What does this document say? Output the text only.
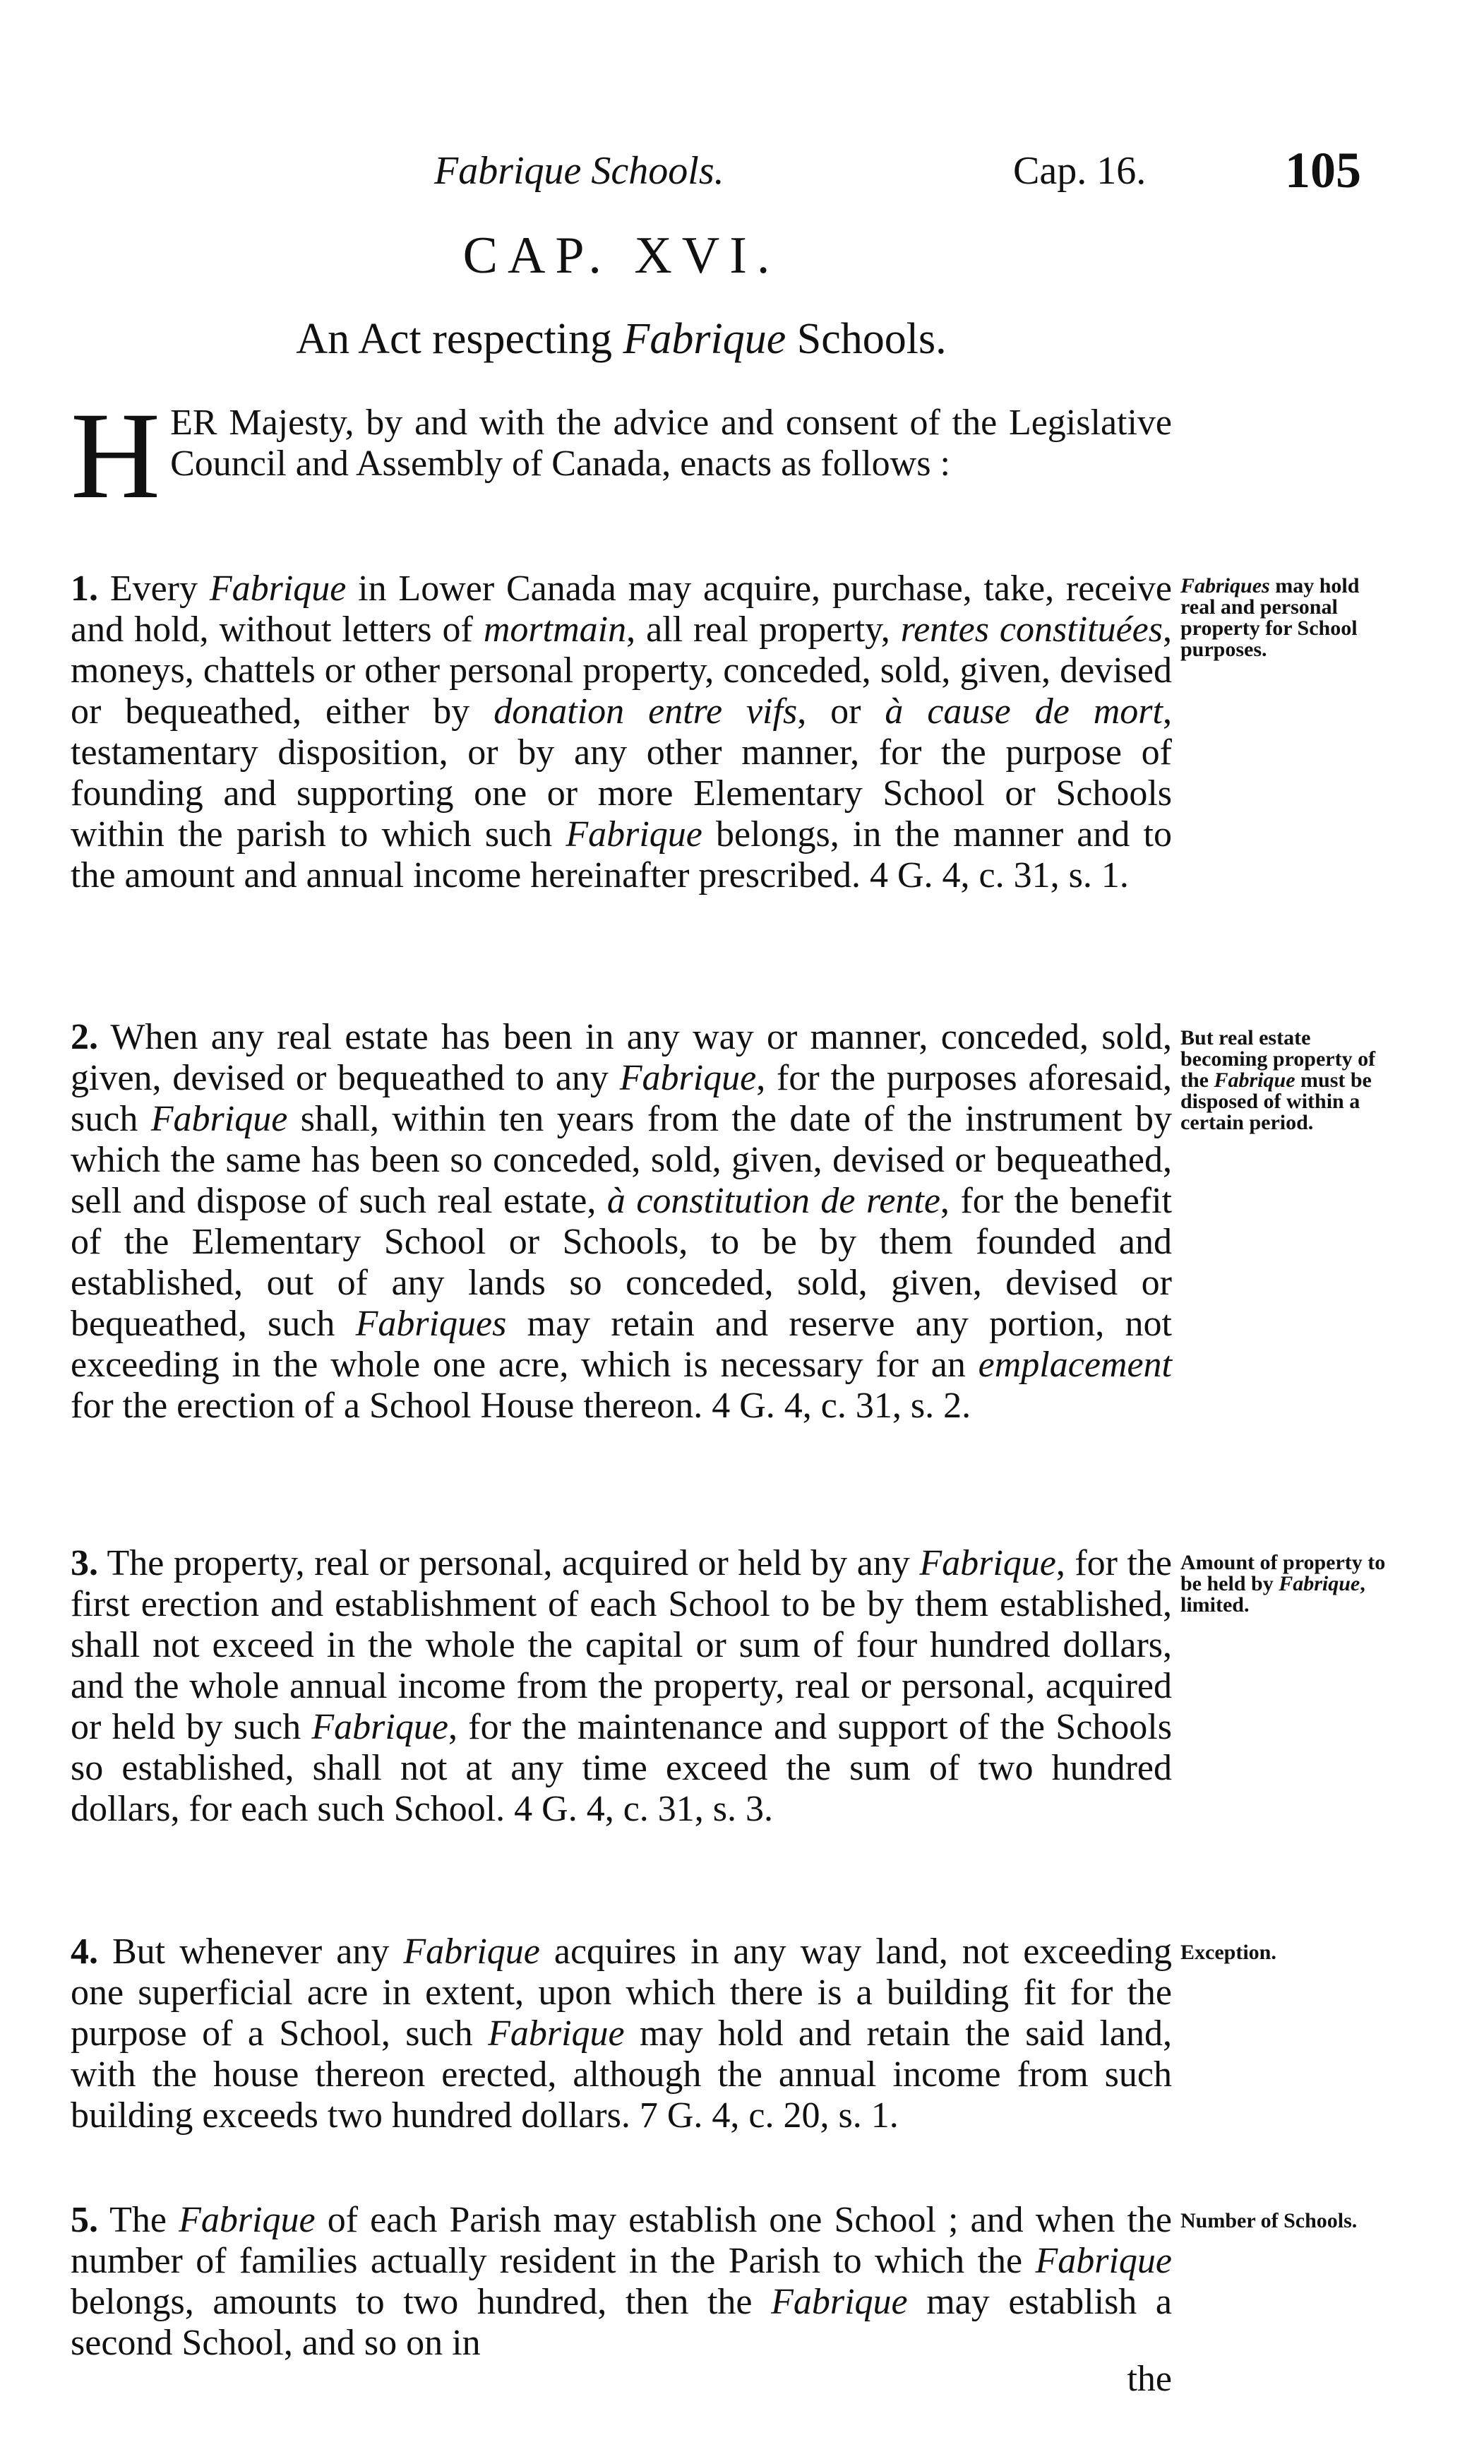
Fabrique Schools.	Cap. 16.	105
CAP. XVI.
An Act respecting Fabrique Schools.
H ER Majesty, by and with the advice and consent of the Legislative Council and Assembly of Canada, enacts as follows :
1. Every Fabrique in Lower Canada may acquire, purchase, take, receive and hold, without letters of mortmain, all real property, rentes constituées, moneys, chattels or other personal property, conceded, sold, given, devised or bequeathed, either by donation entre vifs, or à cause de mort, testamentary disposition, or by any other manner, for the purpose of founding and supporting one or more Elementary School or Schools within the parish to which such Fabrique belongs, in the manner and to the amount and annual income hereinafter prescribed. 4 G. 4, c. 31, s. 1.
Fabriques may hold real and personal property for School purposes.
2. When any real estate has been in any way or manner, conceded, sold, given, devised or bequeathed to any Fabrique, for the purposes aforesaid, such Fabrique shall, within ten years from the date of the instrument by which the same has been so conceded, sold, given, devised or bequeathed, sell and dispose of such real estate, à constitution de rente, for the benefit of the Elementary School or Schools, to be by them founded and established, out of any lands so conceded, sold, given, devised or bequeathed, such Fabriques may retain and reserve any portion, not exceeding in the whole one acre, which is necessary for an emplacement for the erection of a School House thereon. 4 G. 4, c. 31, s. 2.
But real estate becoming property of the Fabrique must be disposed of within a certain period.
3. The property, real or personal, acquired or held by any Fabrique, for the first erection and establishment of each School to be by them established, shall not exceed in the whole the capital or sum of four hundred dollars, and the whole annual income from the property, real or personal, acquired or held by such Fabrique, for the maintenance and support of the Schools so established, shall not at any time exceed the sum of two hundred dollars, for each such School. 4 G. 4, c. 31, s. 3.
Amount of property to be held by Fabrique, limited.
4. But whenever any Fabrique acquires in any way land, not exceeding one superficial acre in extent, upon which there is a building fit for the purpose of a School, such Fabrique may hold and retain the said land, with the house thereon erected, although the annual income from such building exceeds two hundred dollars. 7 G. 4, c. 20, s. 1.
Exception.
5. The Fabrique of each Parish may establish one School ; and when the number of families actually resident in the Parish to which the Fabrique belongs, amounts to two hundred, then the Fabrique may establish a second School, and so on in
Number of Schools.
the
